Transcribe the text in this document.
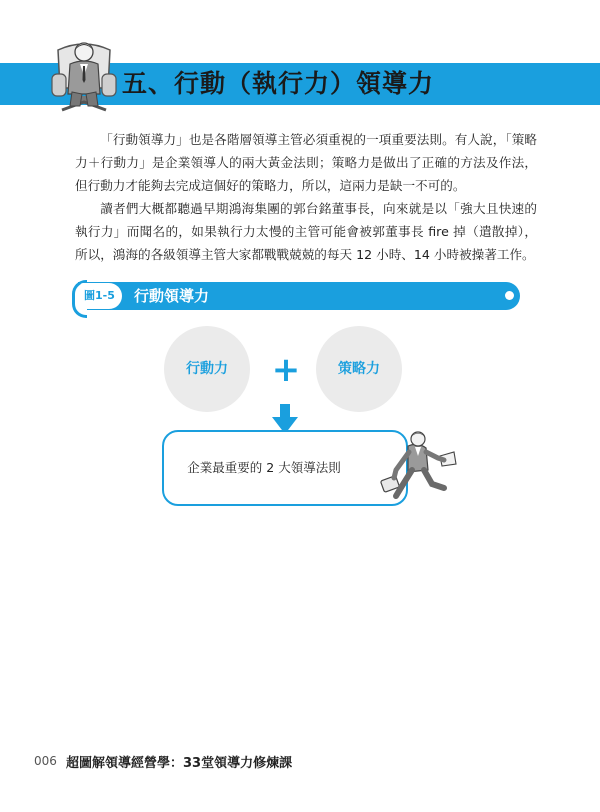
五、行動（執行力）領導力

「行動領導力」也是各階層領導主管必須重視的一項重要法則。有人說，「策略力＋行動力」是企業領導人的兩大黃金法則；策略力是做出了正確的方法及作法，但行動力才能夠去完成這個好的策略力，所以，這兩力是缺一不可的。

讀者們大概都聽過早期鴻海集團的郭台銘董事長，向來就是以「強大且快速的執行力」而聞名的，如果執行力太慢的主管可能會被郭董事長 fire 掉（遣散掉），所以，鴻海的各級領導主管大家都戰戰兢兢的每天 12 小時、14 小時被操著工作。

圖1-5 行動領導力
行動力	+	策略力
企業最重要的 2 大領導法則
006 超圖解領導經營學：33堂領導力修煉課
